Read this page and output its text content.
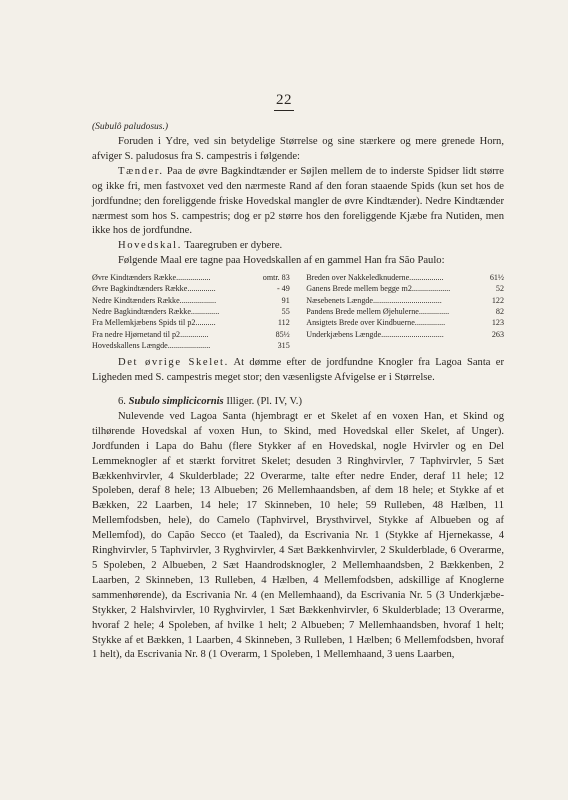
22
(Subulô paludosus.)

Foruden i Ydre, ved sin betydelige Størrelse og sine stærkere og mere grenede Horn, afviger S. paludosus fra S. campestris i følgende:

Tænder. Paa de øvre Bagkindtænder er Søjlen mellem de to inderste Spidser lidt større og ikke fri, men fastvoxet ved den nærmeste Rand af den foran staaende Spids (kun set hos de jordfundne; den foreliggende friske Hovedskal mangler de øvre Kindtænder). Nedre Kindtænder nærmest som hos S. campestris; dog er p2 større hos den foreliggende Kjæbe fra Nutiden, men ikke hos de jordfundne.

Hovedskal. Taaregruben er dybere.

Følgende Maal ere tagne paa Hovedskallen af en gammel Han fra São Paulo:

Øvre Kindtænders Række.................	omtr. 83
Øvre Bagkindtænders Række..............	- 49
Nedre Kindtænders Række..................	91
Nedre Bagkindtænders Række..............	55
Fra Mellemkjæbens Spids til p2..........	112
Fra nedre Hjørnetand til p2..............	85½
Hovedskallens Længde.....................	315
Breden over Nakkeledknuderne.................	61½
Ganens Brede mellem begge m2...................	52
Næsebenets Længde..................................	122
Pandens Brede mellem Øjehulerne...............	82
Ansigtets Brede over Kindbuerne...............	123
Underkjæbens Længde...............................	263

Det øvrige Skelet. At dømme efter de jordfundne Knogler fra Lagoa Santa er Ligheden med S. campestris meget stor; den væsenligste Afvigelse er i Størrelse.

6. Subulo simplicicornis Illiger. (Pl. IV, V.)

Nulevende ved Lagoa Santa (hjembragt er et Skelet af en voxen Han, et Skind og tilhørende Hovedskal af voxen Hun, to Skind, med Hovedskal eller Skelet, af Unger). Jordfunden i Lapa do Bahu (flere Stykker af en Hovedskal, nogle Hvirvler og en Del Lemmeknogler af et stærkt forvitret Skelet; desuden 3 Ringhvirvler, 7 Taphvirvler, 5 Sæt Bækkenhvirvler, 4 Skulderblade; 22 Overarme, talte efter nedre Ender, deraf 11 hele; 12 Spoleben, deraf 8 hele; 13 Albueben; 26 Mellemhaandsben, af dem 18 hele; et Stykke af et Bækken, 22 Laarben, 14 hele; 17 Skinneben, 10 hele; 59 Rulleben, 48 Hælben, 11 Mellemfodsben, hele), do Camelo (Taphvirvel, Brysthvirvel, Stykke af Albueben og af Mellemfod), do Capão Secco (et Taaled), da Escrivania Nr. 1 (Stykke af Hjernekasse, 4 Ringhvirvler, 5 Taphvirvler, 3 Ryghvirvler, 4 Sæt Bækkenhvirvler, 2 Skulderblade, 6 Overarme, 5 Spoleben, 2 Albueben, 2 Sæt Haandrodsknogler, 2 Mellemhaandsben, 2 Bækkenben, 2 Laarben, 2 Skinneben, 13 Rulleben, 4 Hælben, 4 Mellemfodsben, adskillige af Knoglerne sammenhørende), da Escrivania Nr. 4 (en Mellemhaand), da Escrivania Nr. 5 (3 Underkjæbe-Stykker, 2 Halshvirvler, 10 Ryghvirvler, 1 Sæt Bækkenhvirvler, 6 Skulderblade; 13 Overarme, hvoraf 2 hele; 4 Spoleben, af hvilke 1 helt; 2 Albueben; 7 Mellemhaandsben, hvoraf 1 helt; Stykke af et Bækken, 1 Laarben, 4 Skinneben, 3 Rulleben, 1 Hælben; 6 Mellemfodsben, hvoraf 1 helt), da Escrivania Nr. 8 (1 Overarm, 1 Spoleben, 1 Mellemhaand, 3 uens Laarben,
